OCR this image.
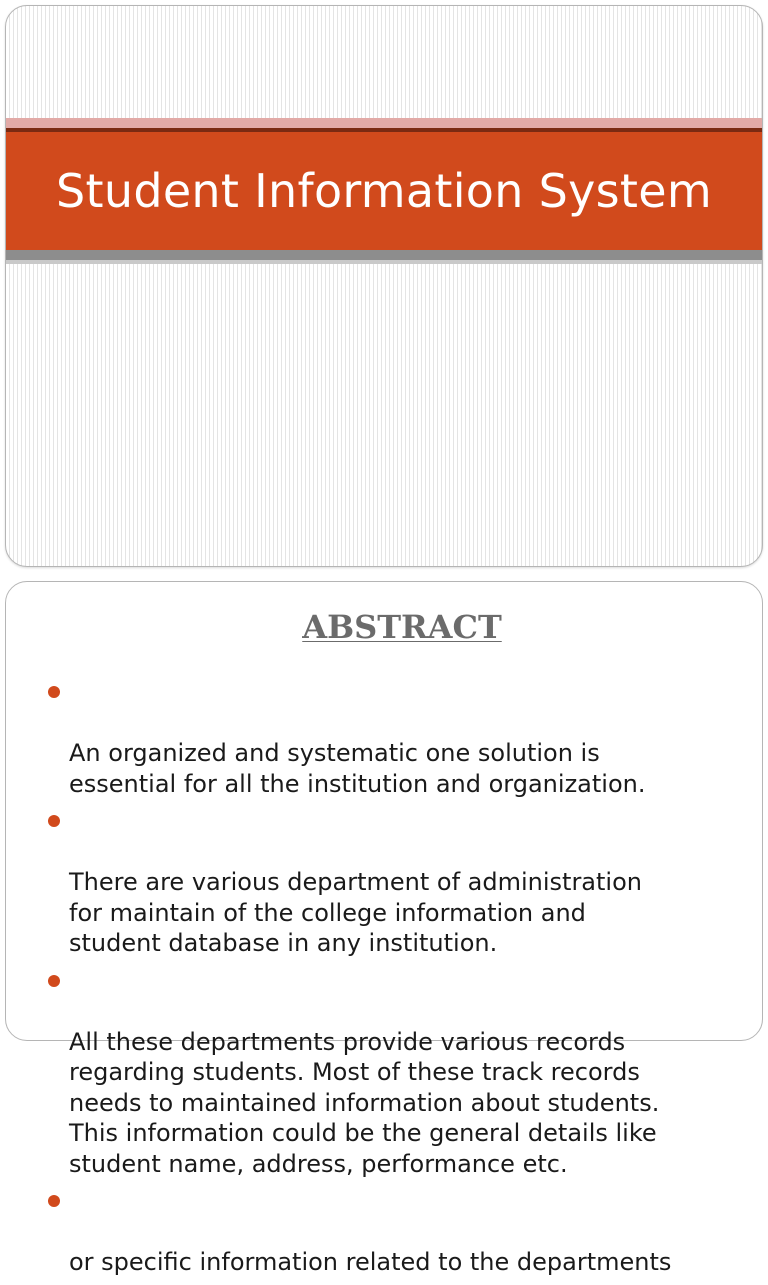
Student Information System
ABSTRACT

An organized and systematic one solution is
essential for all the institution and organization.

There are various department of administration
for maintain of the college information and
student database in any institution.

All these departments provide various records
regarding students. Most of these track records
needs to maintained information about students.
This information could be the general details like
student name, address, performance etc.

or specific information related to the departments
